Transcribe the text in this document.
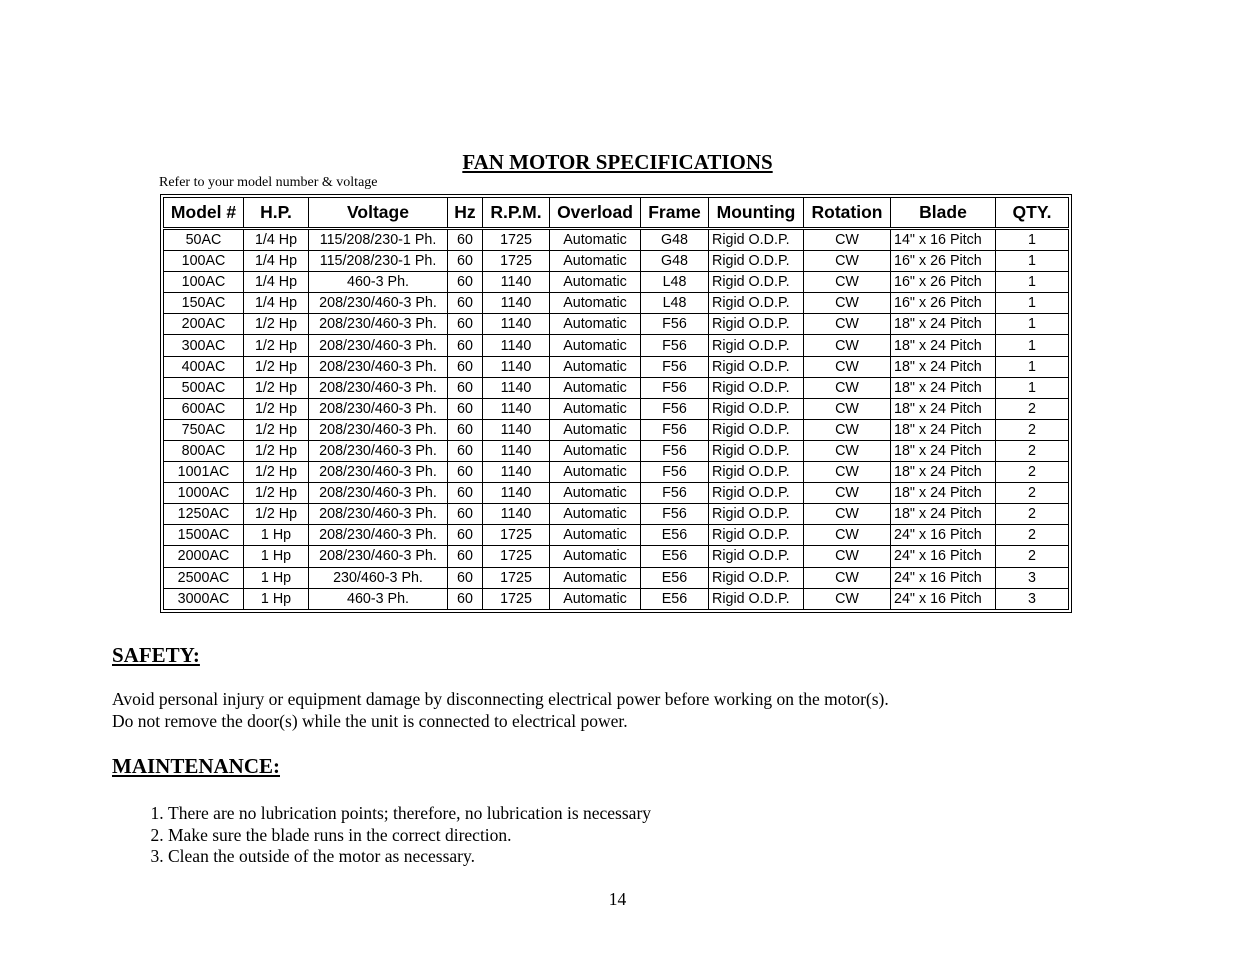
FAN MOTOR SPECIFICATIONS
Refer to your model number & voltage
Model #	H.P.	Voltage	Hz	R.P.M.	Overload	Frame	Mounting	Rotation	Blade	QTY.
50AC	1/4 Hp	115/208/230-1 Ph.	60	1725	Automatic	G48	Rigid O.D.P.	CW	14" x 16 Pitch	1
100AC	1/4 Hp	115/208/230-1 Ph.	60	1725	Automatic	G48	Rigid O.D.P.	CW	16" x 26 Pitch	1
100AC	1/4 Hp	460-3 Ph.	60	1140	Automatic	L48	Rigid O.D.P.	CW	16" x 26 Pitch	1
150AC	1/4 Hp	208/230/460-3 Ph.	60	1140	Automatic	L48	Rigid O.D.P.	CW	16" x 26 Pitch	1
200AC	1/2 Hp	208/230/460-3 Ph.	60	1140	Automatic	F56	Rigid O.D.P.	CW	18" x 24 Pitch	1
300AC	1/2 Hp	208/230/460-3 Ph.	60	1140	Automatic	F56	Rigid O.D.P.	CW	18" x 24 Pitch	1
400AC	1/2 Hp	208/230/460-3 Ph.	60	1140	Automatic	F56	Rigid O.D.P.	CW	18" x 24 Pitch	1
500AC	1/2 Hp	208/230/460-3 Ph.	60	1140	Automatic	F56	Rigid O.D.P.	CW	18" x 24 Pitch	1
600AC	1/2 Hp	208/230/460-3 Ph.	60	1140	Automatic	F56	Rigid O.D.P.	CW	18" x 24 Pitch	2
750AC	1/2 Hp	208/230/460-3 Ph.	60	1140	Automatic	F56	Rigid O.D.P.	CW	18" x 24 Pitch	2
800AC	1/2 Hp	208/230/460-3 Ph.	60	1140	Automatic	F56	Rigid O.D.P.	CW	18" x 24 Pitch	2
1001AC	1/2 Hp	208/230/460-3 Ph.	60	1140	Automatic	F56	Rigid O.D.P.	CW	18" x 24 Pitch	2
1000AC	1/2 Hp	208/230/460-3 Ph.	60	1140	Automatic	F56	Rigid O.D.P.	CW	18" x 24 Pitch	2
1250AC	1/2 Hp	208/230/460-3 Ph.	60	1140	Automatic	F56	Rigid O.D.P.	CW	18" x 24 Pitch	2
1500AC	1 Hp	208/230/460-3 Ph.	60	1725	Automatic	E56	Rigid O.D.P.	CW	24" x 16 Pitch	2
2000AC	1 Hp	208/230/460-3 Ph.	60	1725	Automatic	E56	Rigid O.D.P.	CW	24" x 16 Pitch	2
2500AC	1 Hp	230/460-3 Ph.	60	1725	Automatic	E56	Rigid O.D.P.	CW	24" x 16 Pitch	3
3000AC	1 Hp	460-3 Ph.	60	1725	Automatic	E56	Rigid O.D.P.	CW	24" x 16 Pitch	3
SAFETY:
Avoid personal injury or equipment damage by disconnecting electrical power before working on the motor(s).
Do not remove the door(s) while the unit is connected to electrical power.
MAINTENANCE:
1. There are no lubrication points; therefore, no lubrication is necessary
2. Make sure the blade runs in the correct direction.
3. Clean the outside of the motor as necessary.
14
